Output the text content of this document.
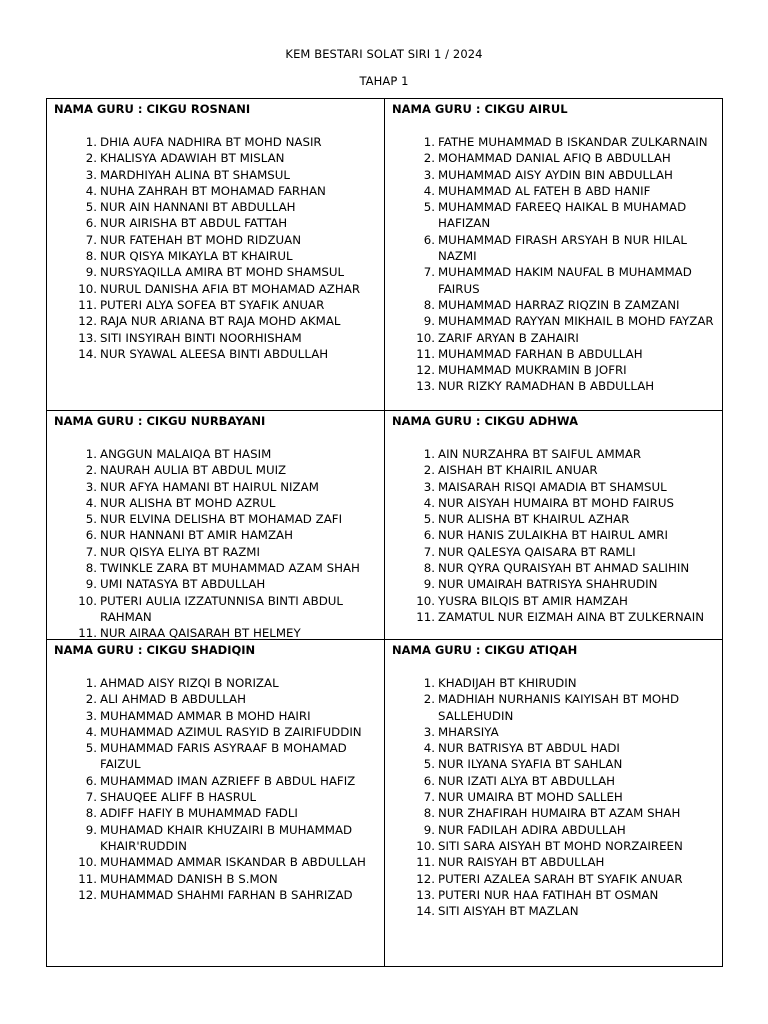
KEM BESTARI SOLAT SIRI 1 / 2024
TAHAP 1
NAMA GURU : CIKGU ROSNANI
1. DHIA AUFA NADHIRA BT MOHD NASIR
2. KHALISYA ADAWIAH BT MISLAN
3. MARDHIYAH ALINA BT SHAMSUL
4. NUHA ZAHRAH BT MOHAMAD FARHAN
5. NUR AIN HANNANI BT ABDULLAH
6. NUR AIRISHA BT ABDUL FATTAH
7. NUR FATEHAH BT MOHD RIDZUAN
8. NUR QISYA MIKAYLA BT KHAIRUL
9. NURSYAQILLA AMIRA BT MOHD SHAMSUL
10. NURUL DANISHA AFIA BT MOHAMAD AZHAR
11. PUTERI ALYA SOFEA BT SYAFIK ANUAR
12. RAJA NUR ARIANA BT RAJA MOHD AKMAL
13. SITI INSYIRAH BINTI NOORHISHAM
14. NUR SYAWAL ALEESA BINTI ABDULLAH
NAMA GURU : CIKGU AIRUL
1. FATHE MUHAMMAD B ISKANDAR ZULKARNAIN
2. MOHAMMAD DANIAL AFIQ B ABDULLAH
3. MUHAMMAD AISY AYDIN BIN ABDULLAH
4. MUHAMMAD AL FATEH B ABD HANIF
5. MUHAMMAD FAREEQ HAIKAL B MUHAMAD HAFIZAN
6. MUHAMMAD FIRASH ARSYAH B NUR HILAL NAZMI
7. MUHAMMAD HAKIM NAUFAL B MUHAMMAD FAIRUS
8. MUHAMMAD HARRAZ RIQZIN B ZAMZANI
9. MUHAMMAD RAYYAN MIKHAIL B MOHD FAYZAR
10. ZARIF ARYAN B ZAHAIRI
11. MUHAMMAD FARHAN B ABDULLAH
12. MUHAMMAD MUKRAMIN B JOFRI
13. NUR RIZKY RAMADHAN B ABDULLAH
NAMA GURU : CIKGU NURBAYANI
1. ANGGUN MALAIQA BT HASIM
2. NAURAH AULIA BT ABDUL MUIZ
3. NUR AFYA HAMANI BT HAIRUL NIZAM
4. NUR ALISHA BT MOHD AZRUL
5. NUR ELVINA DELISHA BT MOHAMAD ZAFI
6. NUR HANNANI BT AMIR HAMZAH
7. NUR QISYA ELIYA BT RAZMI
8. TWINKLE ZARA BT MUHAMMAD AZAM SHAH
9. UMI NATASYA BT ABDULLAH
10. PUTERI AULIA IZZATUNNISA BINTI ABDUL RAHMAN
11. NUR AIRAA QAISARAH BT HELMEY
NAMA GURU : CIKGU ADHWA
1. AIN NURZAHRA BT SAIFUL AMMAR
2. AISHAH BT KHAIRIL ANUAR
3. MAISARAH RISQI AMADIA BT SHAMSUL
4. NUR AISYAH HUMAIRA BT MOHD FAIRUS
5. NUR ALISHA BT KHAIRUL AZHAR
6. NUR HANIS ZULAIKHA BT HAIRUL AMRI
7. NUR QALESYA QAISARA BT RAMLI
8. NUR QYRA QURAISYAH BT AHMAD SALIHIN
9. NUR UMAIRAH BATRISYA SHAHRUDIN
10. YUSRA BILQIS BT AMIR HAMZAH
11. ZAMATUL NUR EIZMAH AINA BT ZULKERNAIN
NAMA GURU : CIKGU SHADIQIN
1. AHMAD AISY RIZQI B NORIZAL
2. ALI AHMAD B ABDULLAH
3. MUHAMMAD AMMAR B MOHD HAIRI
4. MUHAMMAD AZIMUL RASYID B ZAIRIFUDDIN
5. MUHAMMAD FARIS ASYRAAF B MOHAMAD FAIZUL
6. MUHAMMAD IMAN AZRIEFF B ABDUL HAFIZ
7. SHAUQEE ALIFF B HASRUL
8. ADIFF HAFIY B MUHAMMAD FADLI
9. MUHAMAD KHAIR KHUZAIRI B MUHAMMAD KHAIR'RUDDIN
10. MUHAMMAD AMMAR ISKANDAR B ABDULLAH
11. MUHAMMAD DANISH B S.MON
12. MUHAMMAD SHAHMI FARHAN B SAHRIZAD
NAMA GURU : CIKGU ATIQAH
1. KHADIJAH BT KHIRUDIN
2. MADHIAH NURHANIS KAIYISAH BT MOHD SALLEHUDIN
3. MHARSIYA
4. NUR BATRISYA BT ABDUL HADI
5. NUR ILYANA SYAFIA BT SAHLAN
6. NUR IZATI ALYA BT ABDULLAH
7. NUR UMAIRA BT MOHD SALLEH
8. NUR ZHAFIRAH HUMAIRA BT AZAM SHAH
9. NUR FADILAH ADIRA ABDULLAH
10. SITI SARA AISYAH BT MOHD NORZAIREEN
11. NUR RAISYAH BT ABDULLAH
12. PUTERI AZALEA SARAH BT SYAFIK ANUAR
13. PUTERI NUR HAA FATIHAH BT OSMAN
14. SITI AISYAH BT MAZLAN
